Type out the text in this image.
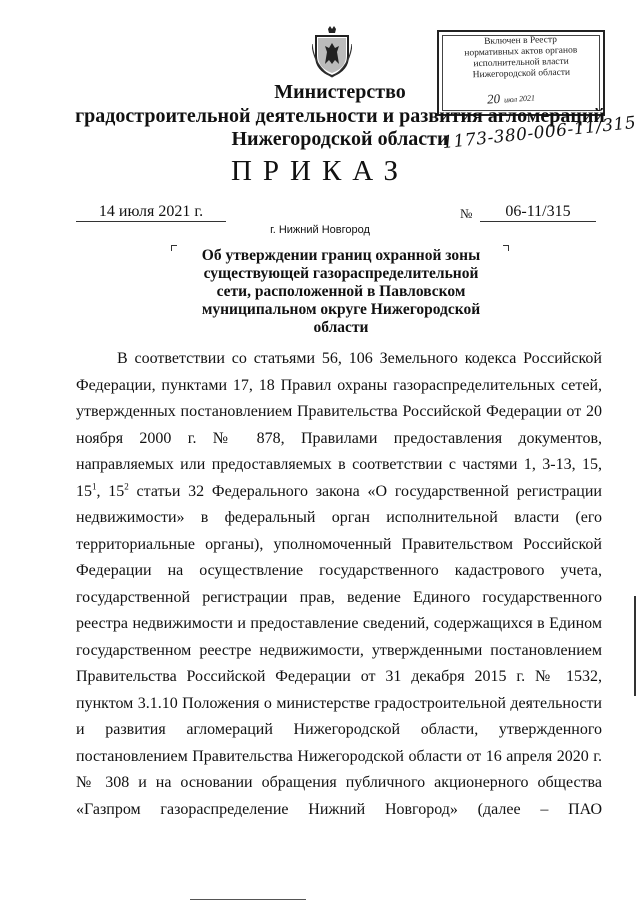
Включен в Реестр
нормативных актов органов
исполнительной власти
Нижегородской области
20 июл 2021
Министерство
градостроительной деятельности и развития агломераций
Нижегородской области
1173-380-006-11/315
ПРИКАЗ
14 июля 2021 г.	№	06-11/315
г. Нижний Новгород
Об утверждении границ охранной зоны существующей газораспределительной сети, расположенной в Павловском муниципальном округе Нижегородской области

В соответствии со статьями 56, 106 Земельного кодекса Российской Федерации, пунктами 17, 18 Правил охраны газораспределительных сетей, утвержденных постановлением Правительства Российской Федерации от 20 ноября 2000 г. № 878, Правилами предоставления документов, направляемых или предоставляемых в соответствии с частями 1, 3-13, 15, $15^1$, $15^2$ статьи 32 Федерального закона «О государственной регистрации недвижимости» в федеральный орган исполнительной власти (его территориальные органы), уполномоченный Правительством Российской Федерации на осуществление государственного кадастрового учета, государственной регистрации прав, ведение Единого государственного реестра недвижимости и предоставление сведений, содержащихся в Едином государственном реестре недвижимости, утвержденными постановлением Правительства Российской Федерации от 31 декабря 2015 г. № 1532, пунктом 3.1.10 Положения о министерстве градостроительной деятельности и развития агломераций Нижегородской области, утвержденного постановлением Правительства Нижегородской области от 16 апреля 2020 г. № 308 и на основании обращения публичного акционерного общества «Газпром газораспределение Нижний Новгород» (далее – ПАО
